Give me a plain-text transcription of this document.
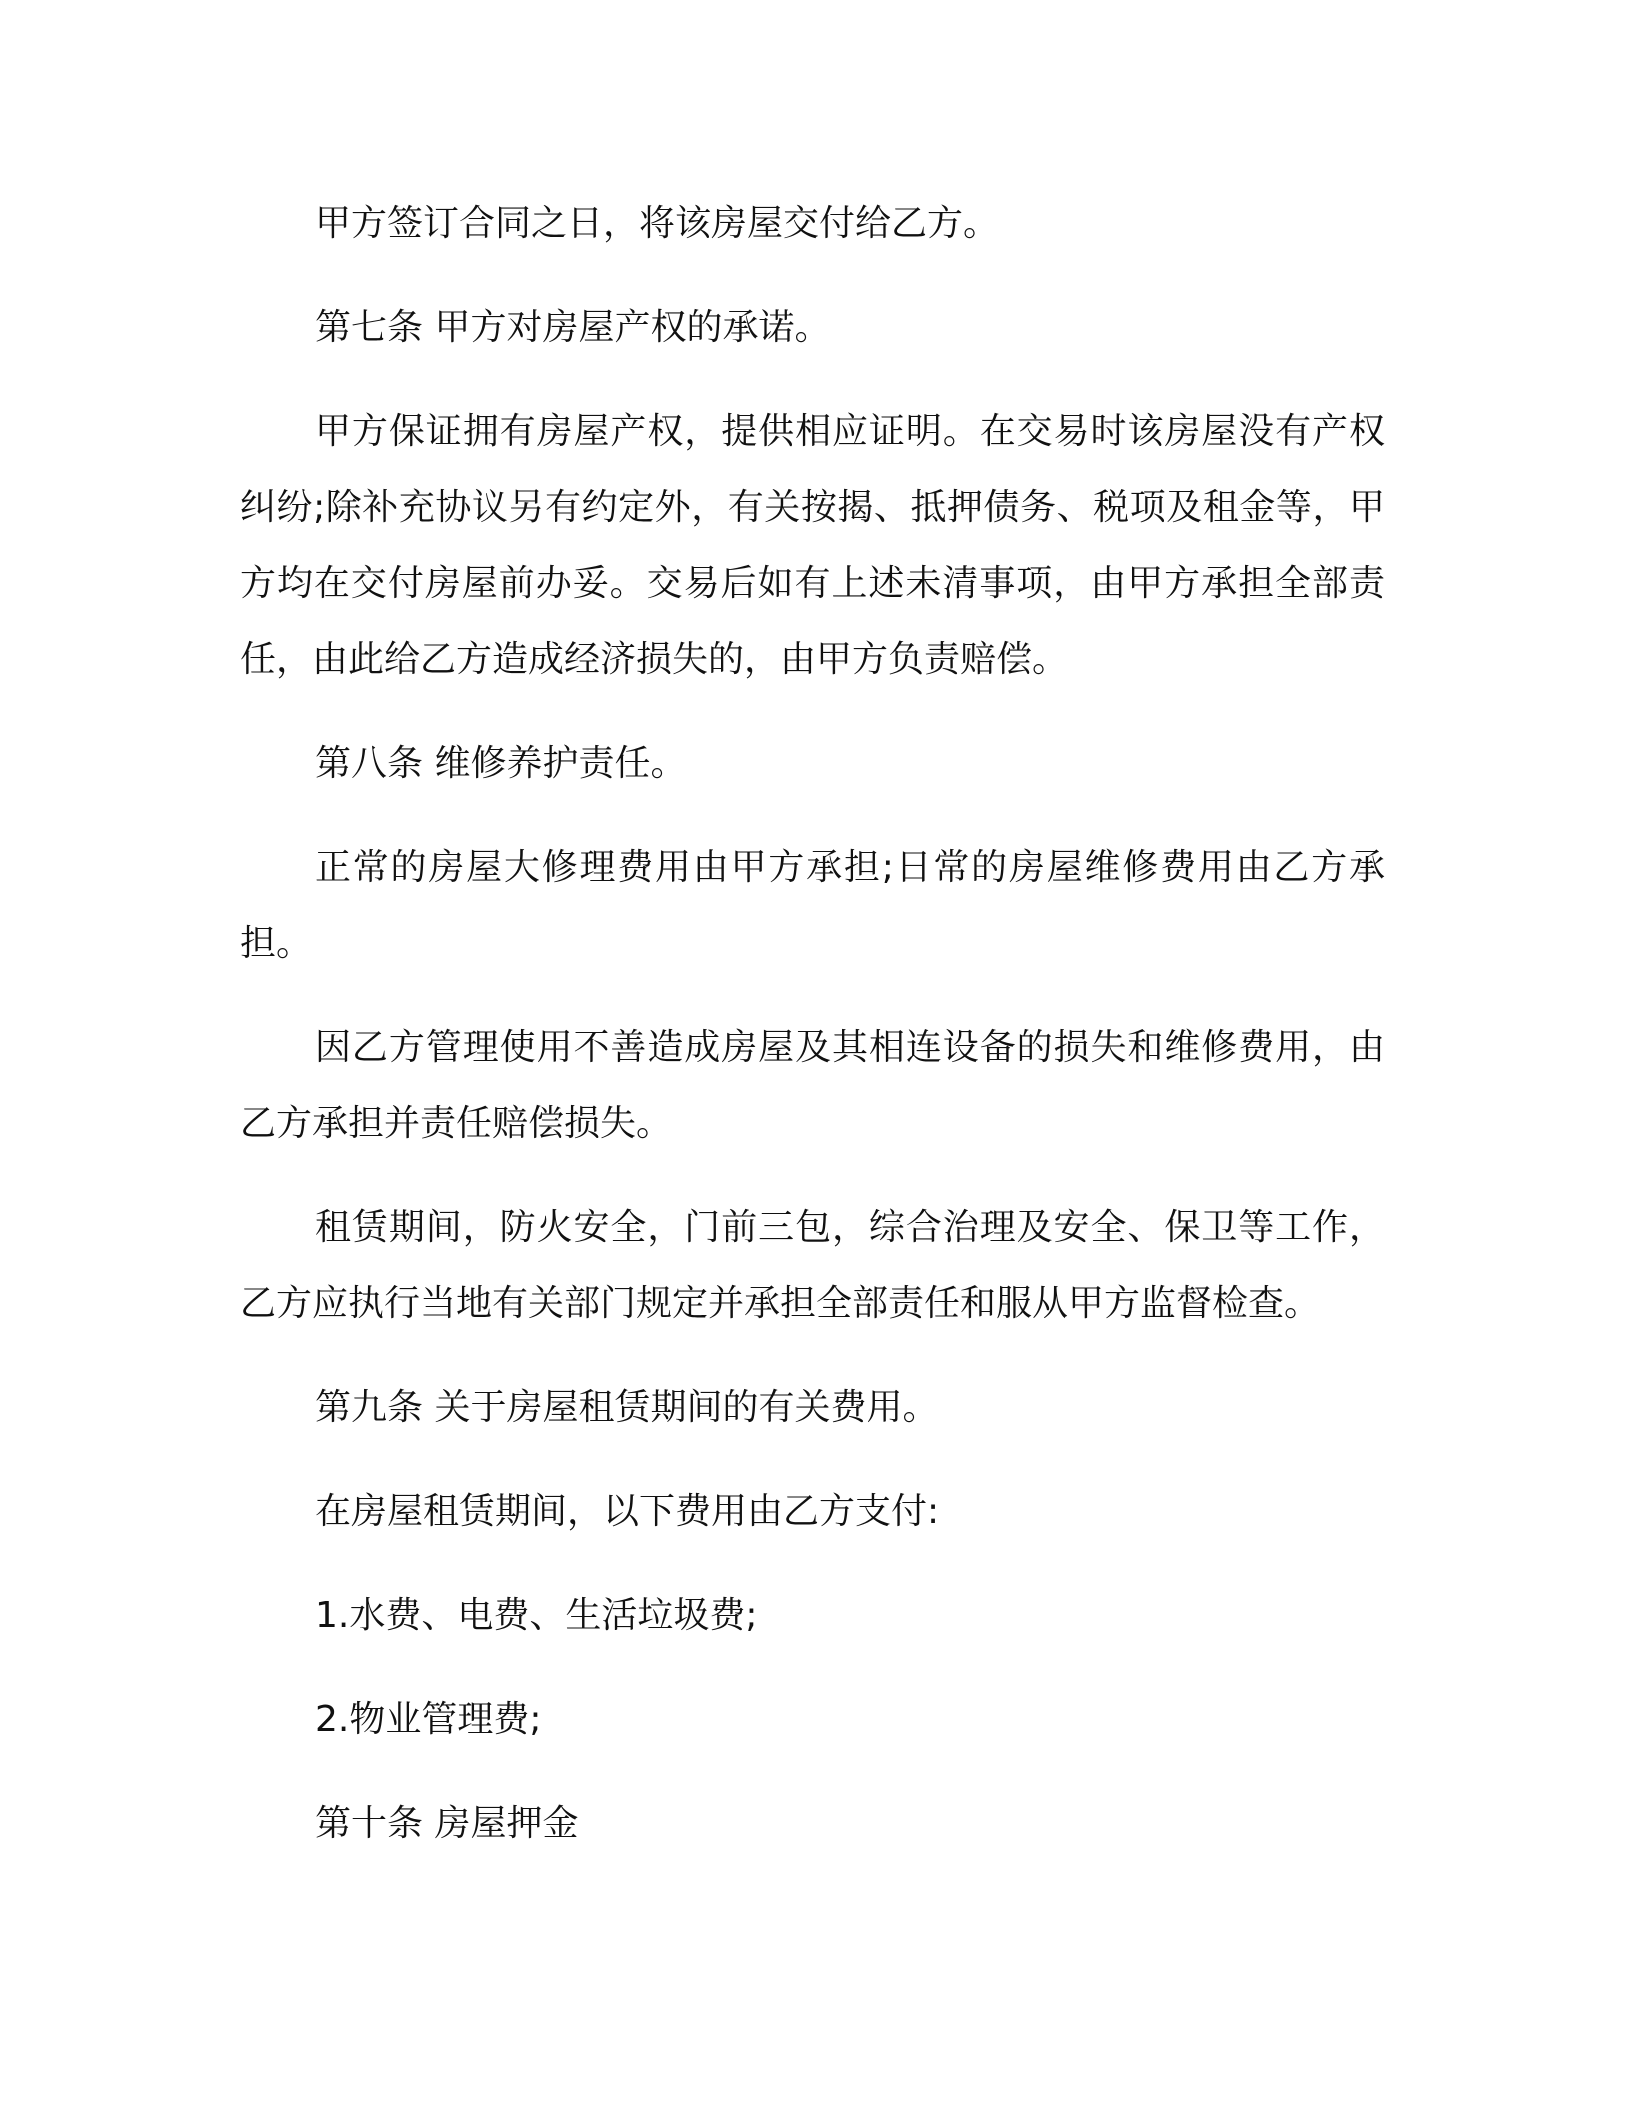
甲方签订合同之日，将该房屋交付给乙方。

第七条 甲方对房屋产权的承诺。

甲方保证拥有房屋产权，提供相应证明。在交易时该房屋没有产权纠纷;除补充协议另有约定外，有关按揭、抵押债务、税项及租金等，甲方均在交付房屋前办妥。交易后如有上述未清事项，由甲方承担全部责任，由此给乙方造成经济损失的，由甲方负责赔偿。

第八条 维修养护责任。

正常的房屋大修理费用由甲方承担;日常的房屋维修费用由乙方承担。

因乙方管理使用不善造成房屋及其相连设备的损失和维修费用，由乙方承担并责任赔偿损失。

租赁期间，防火安全，门前三包，综合治理及安全、保卫等工作，乙方应执行当地有关部门规定并承担全部责任和服从甲方监督检查。

第九条 关于房屋租赁期间的有关费用。

在房屋租赁期间，以下费用由乙方支付:

1.水费、电费、生活垃圾费;

2.物业管理费;

第十条 房屋押金
